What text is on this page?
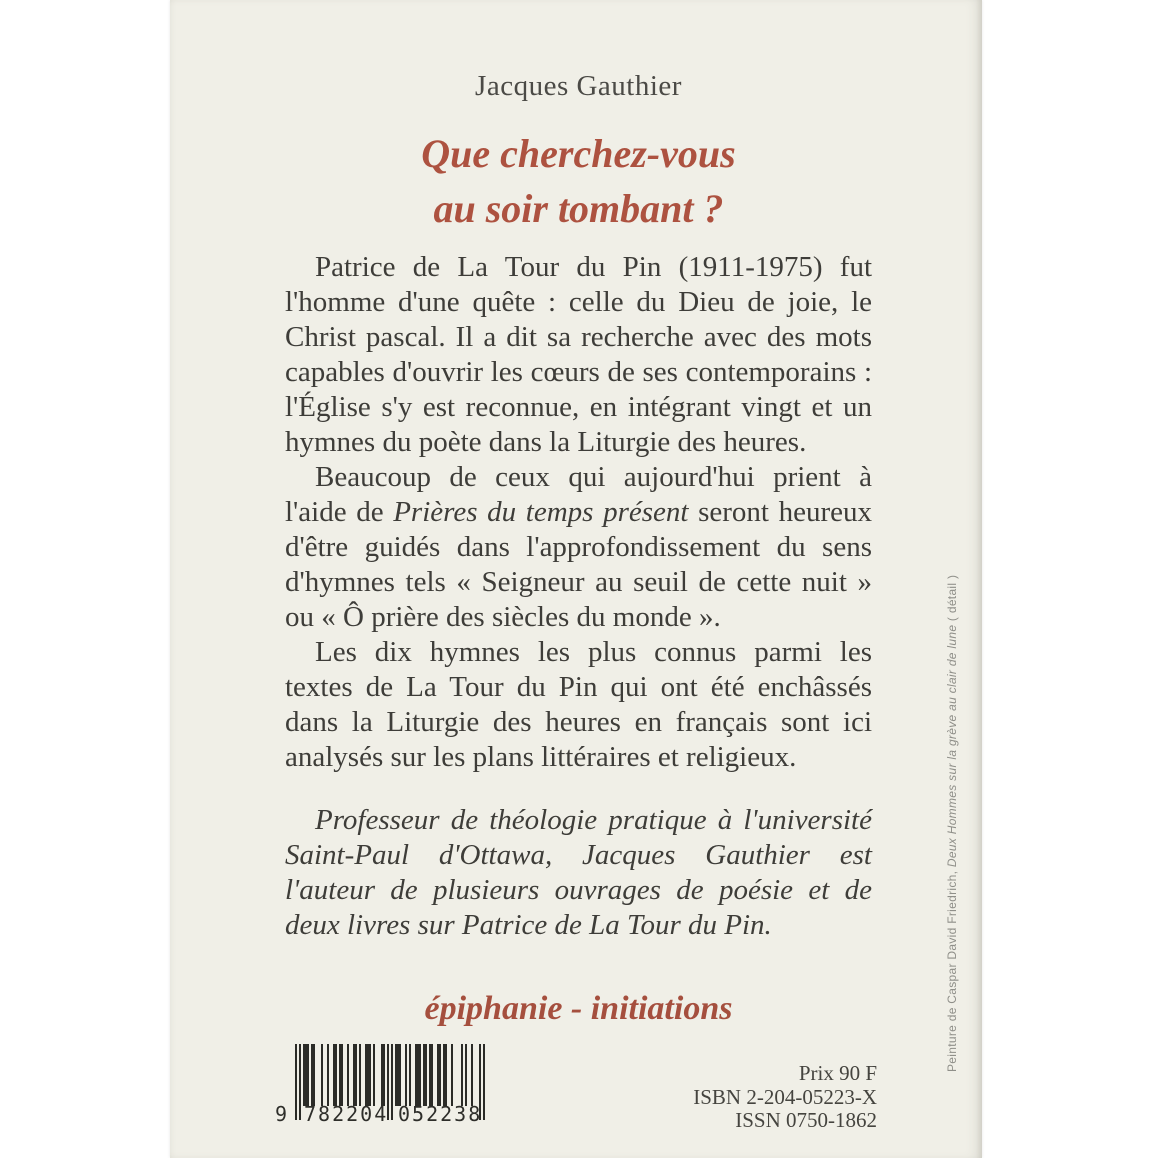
Jacques Gauthier
Que cherchez-vous
au soir tombant ?

Patrice de La Tour du Pin (1911-1975) fut l'homme d'une quête : celle du Dieu de joie, le Christ pascal. Il a dit sa recherche avec des mots capables d'ouvrir les cœurs de ses contemporains : l'Église s'y est reconnue, en intégrant vingt et un hymnes du poète dans la Liturgie des heures.

Beaucoup de ceux qui aujourd'hui prient à l'aide de Prières du temps présent seront heureux d'être guidés dans l'approfondissement du sens d'hymnes tels « Seigneur au seuil de cette nuit » ou « Ô prière des siècles du monde ».

Les dix hymnes les plus connus parmi les textes de La Tour du Pin qui ont été enchâssés dans la Liturgie des heures en français sont ici analysés sur les plans littéraires et religieux.

Professeur de théologie pratique à l'université Saint-Paul d'Ottawa, Jacques Gauthier est l'auteur de plusieurs ouvrages de poésie et de deux livres sur Patrice de La Tour du Pin.

épiphanie - initiations
9 782204 052238
Prix 90 F
ISBN 2-204-05223-X
ISSN 0750-1862
Peinture de Caspar David Friedrich, Deux Hommes sur la grève au clair de lune ( détail )
